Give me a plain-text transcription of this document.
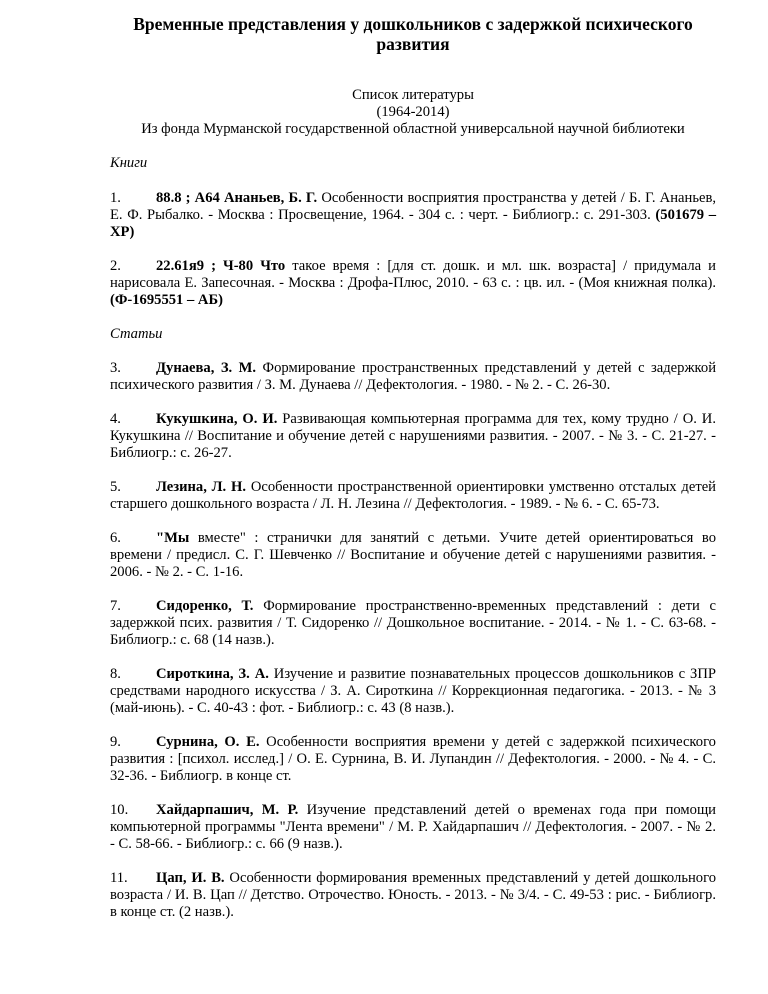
Временные представления у дошкольников с задержкой психического развития
Список литературы
(1964-2014)
Из фонда Мурманской государственной областной универсальной научной библиотеки
Книги
1. 88.8 ; А64 Ананьев, Б. Г. Особенности восприятия пространства у детей / Б. Г. Ананьев, Е. Ф. Рыбалко. - Москва : Просвещение, 1964. - 304 с. : черт. - Библиогр.: с. 291-303. (501679 – ХР)
2. 22.61я9 ; Ч-80 Что такое время : [для ст. дошк. и мл. шк. возраста] / придумала и нарисовала Е. Запесочная. - Москва : Дрофа-Плюс, 2010. - 63 с. : цв. ил. - (Моя книжная полка). (Ф-1695551 – АБ)
Статьи
3. Дунаева, З. М. Формирование пространственных представлений у детей с задержкой психического развития / З. М. Дунаева // Дефектология. - 1980. - № 2. - С. 26-30.
4. Кукушкина, О. И. Развивающая компьютерная программа для тех, кому трудно / О. И. Кукушкина // Воспитание и обучение детей с нарушениями развития. - 2007. - № 3. - С. 21-27. - Библиогр.: с. 26-27.
5. Лезина, Л. Н. Особенности пространственной ориентировки умственно отсталых детей старшего дошкольного возраста / Л. Н. Лезина // Дефектология. - 1989. - № 6. - С. 65-73.
6. "Мы вместе" : странички для занятий с детьми. Учите детей ориентироваться во времени / предисл. С. Г. Шевченко // Воспитание и обучение детей с нарушениями развития. - 2006. - № 2. - С. 1-16.
7. Сидоренко, Т. Формирование пространственно-временных представлений : дети с задержкой псих. развития / Т. Сидоренко // Дошкольное воспитание. - 2014. - № 1. - С. 63-68. - Библиогр.: с. 68 (14 назв.).
8. Сироткина, З. А. Изучение и развитие познавательных процессов дошкольников с ЗПР средствами народного искусства / З. А. Сироткина // Коррекционная педагогика. - 2013. - № 3 (май-июнь). - С. 40-43 : фот. - Библиогр.: с. 43 (8 назв.).
9. Сурнина, О. Е. Особенности восприятия времени у детей с задержкой психического развития : [психол. исслед.] / О. Е. Сурнина, В. И. Лупандин // Дефектология. - 2000. - № 4. - С. 32-36. - Библиогр. в конце ст.
10. Хайдарпашич, М. Р. Изучение представлений детей о временах года при помощи компьютерной программы "Лента времени" / М. Р. Хайдарпашич // Дефектология. - 2007. - № 2. - С. 58-66. - Библиогр.: с. 66 (9 назв.).
11. Цап, И. В. Особенности формирования временных представлений у детей дошкольного возраста / И. В. Цап // Детство. Отрочество. Юность. - 2013. - № 3/4. - С. 49-53 : рис. - Библиогр. в конце ст. (2 назв.).
